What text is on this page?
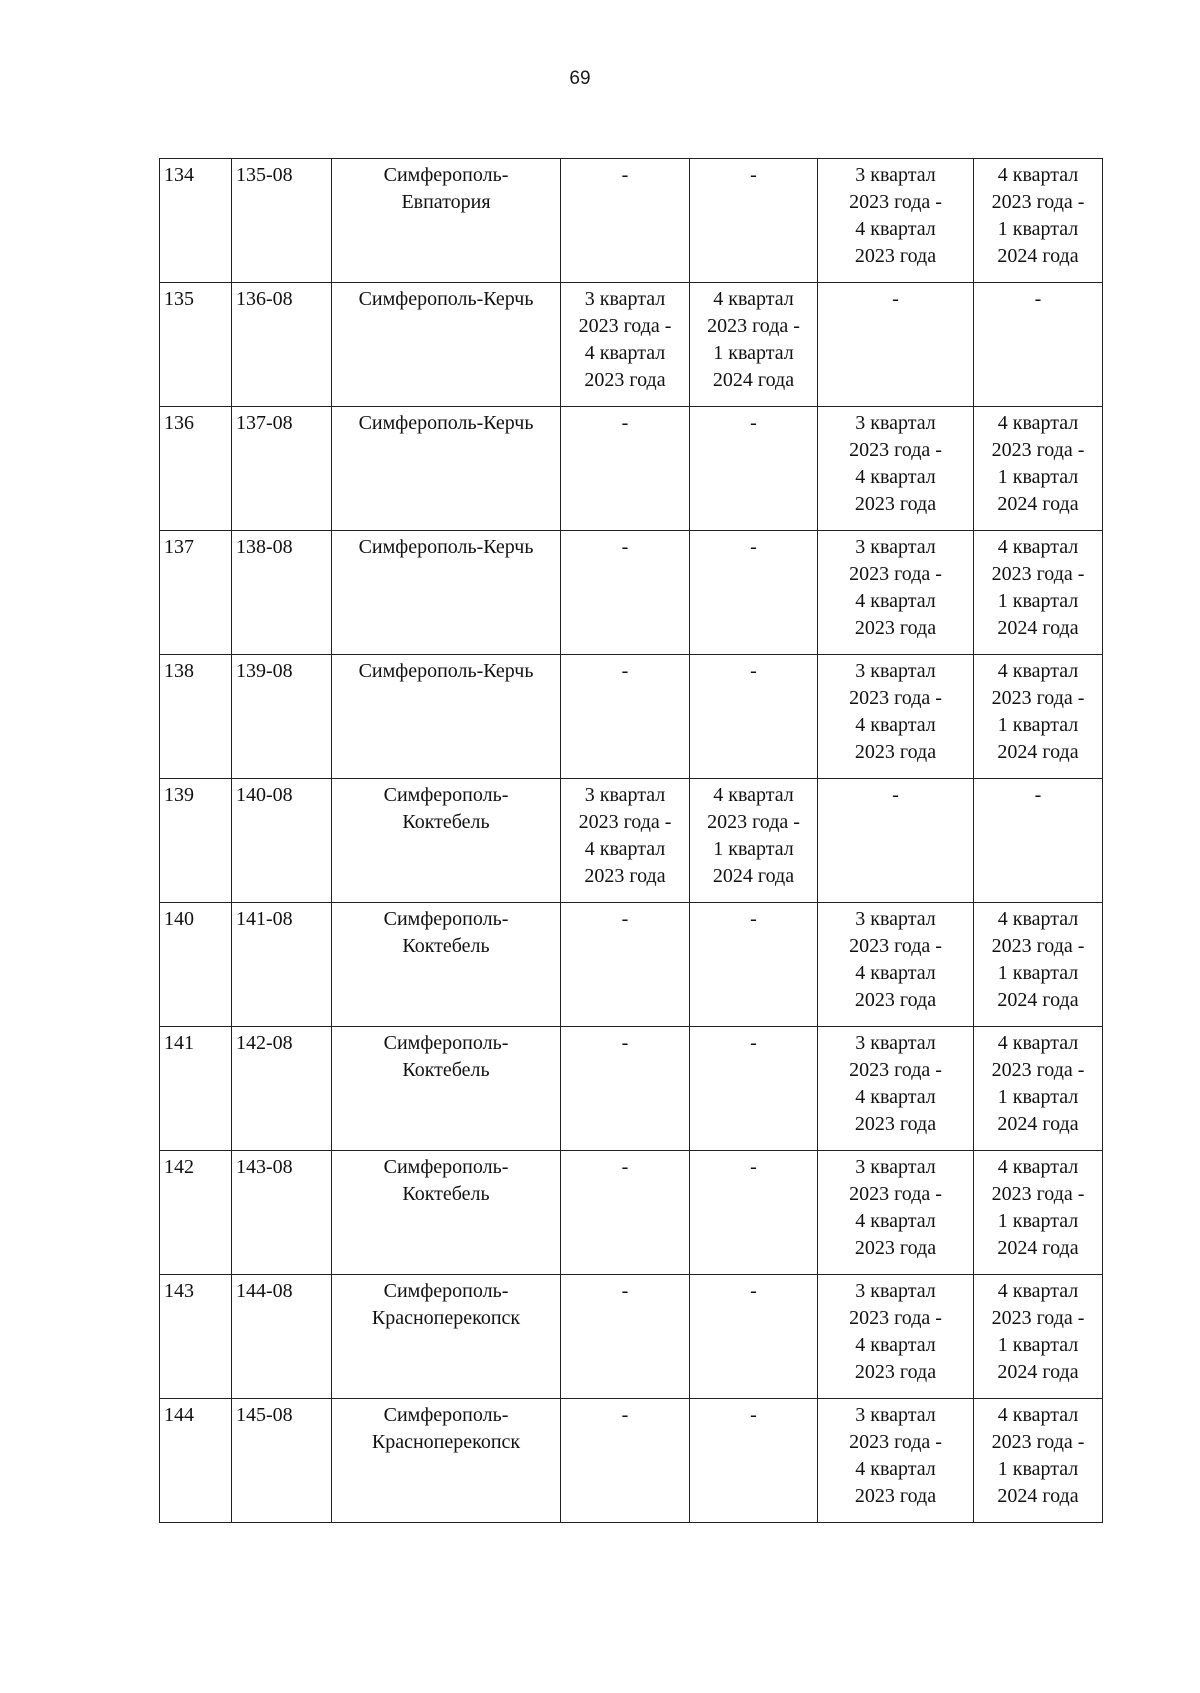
69
134	135-08	Симферополь-
Евпатория	-	-	3 квартал
2023 года -
4 квартал
2023 года	4 квартал
2023 года -
1 квартал
2024 года
135	136-08	Симферополь-Керчь	3 квартал
2023 года -
4 квартал
2023 года	4 квартал
2023 года -
1 квартал
2024 года	-	-
136	137-08	Симферополь-Керчь	-	-	3 квартал
2023 года -
4 квартал
2023 года	4 квартал
2023 года -
1 квартал
2024 года
137	138-08	Симферополь-Керчь	-	-	3 квартал
2023 года -
4 квартал
2023 года	4 квартал
2023 года -
1 квартал
2024 года
138	139-08	Симферополь-Керчь	-	-	3 квартал
2023 года -
4 квартал
2023 года	4 квартал
2023 года -
1 квартал
2024 года
139	140-08	Симферополь-
Коктебель	3 квартал
2023 года -
4 квартал
2023 года	4 квартал
2023 года -
1 квартал
2024 года	-	-
140	141-08	Симферополь-
Коктебель	-	-	3 квартал
2023 года -
4 квартал
2023 года	4 квартал
2023 года -
1 квартал
2024 года
141	142-08	Симферополь-
Коктебель	-	-	3 квартал
2023 года -
4 квартал
2023 года	4 квартал
2023 года -
1 квартал
2024 года
142	143-08	Симферополь-
Коктебель	-	-	3 квартал
2023 года -
4 квартал
2023 года	4 квартал
2023 года -
1 квартал
2024 года
143	144-08	Симферополь-
Красноперекопск	-	-	3 квартал
2023 года -
4 квартал
2023 года	4 квартал
2023 года -
1 квартал
2024 года
144	145-08	Симферополь-
Красноперекопск	-	-	3 квартал
2023 года -
4 квартал
2023 года	4 квартал
2023 года -
1 квартал
2024 года
